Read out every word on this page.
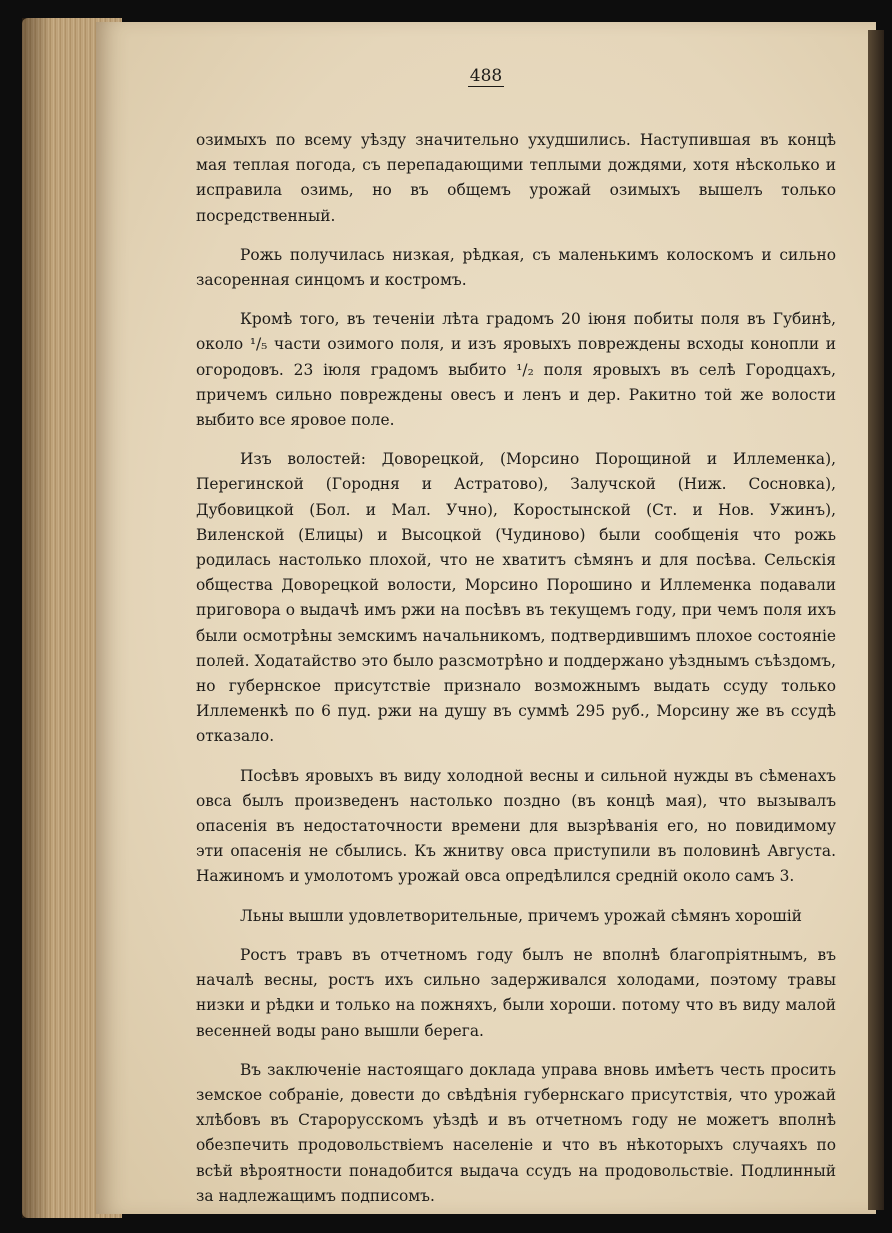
488

озимыхъ по всему уѣзду значительно ухудшились. Наступившая въ концѣ мая теплая погода, съ перепадающими теплыми дождями, хотя нѣсколько и исправила озимь, но въ общемъ урожай озимыхъ вышелъ только посредственный.

Рожь получилась низкая, рѣдкая, съ маленькимъ колоскомъ и сильно засоренная синцомъ и костромъ.

Кромѣ того, въ теченіи лѣта градомъ 20 іюня побиты поля въ Губинѣ, около ¹/₅ части озимого поля, и изъ яровыхъ повреждены всходы конопли и огородовъ. 23 іюля градомъ выбито ¹/₂ поля яровыхъ въ селѣ Городцахъ, причемъ сильно повреждены овесъ и ленъ и дер. Ракитно той же волости выбито все яровое поле.

Изъ волостей: Доворецкой, (Морсино Порощиной и Иллеменка), Перегинской (Городня и Астратово), Залучской (Ниж. Сосновка), Дубовицкой (Бол. и Мал. Учно), Коростынской (Ст. и Нов. Ужинъ), Виленской (Елицы) и Высоцкой (Чудиново) были сообщенія что рожь родилась настолько плохой, что не хватитъ сѣмянъ и для посѣва. Сельскія общества Доворецкой волости, Морсино Порошино и Иллеменка подавали приговора о выдачѣ имъ ржи на посѣвъ въ текущемъ году, при чемъ поля ихъ были осмотрѣны земскимъ начальникомъ, подтвердившимъ плохое состояніе полей. Ходатайство это было разсмотрѣно и поддержано уѣзднымъ съѣздомъ, но губернское присутствіе признало возможнымъ выдать ссуду только Иллеменкѣ по 6 пуд. ржи на душу въ суммѣ 295 руб., Морсину же въ ссудѣ отказало.

Посѣвъ яровыхъ въ виду холодной весны и сильной нужды въ сѣменахъ овса былъ произведенъ настолько поздно (въ концѣ мая), что вызывалъ опасенія въ недостаточности времени для вызрѣванія его, но повидимому эти опасенія не сбылись. Къ жнитву овса приступили въ половинѣ Августа. Нажиномъ и умолотомъ урожай овса опредѣлился средній около самъ 3.

Льны вышли удовлетворительные, причемъ урожай сѣмянъ хорошій

Ростъ травъ въ отчетномъ году былъ не вполнѣ благопріятнымъ, въ началѣ весны, ростъ ихъ сильно задерживался холодами, поэтому травы низки и рѣдки и только на пожняхъ, были хороши. потому что въ виду малой весенней воды рано вышли берега.

Въ заключеніе настоящаго доклада управа вновь имѣетъ честь просить земское собраніе, довести до свѣдѣнія губернскаго присутствія, что урожай хлѣбовъ въ Старорусскомъ уѣздѣ и въ отчетномъ году не можетъ вполнѣ обезпечить продовольствіемъ населеніе и что въ нѣкоторыхъ случаяхъ по всѣй вѣроятности понадобится выдача ссудъ на продовольствіе. Подлинный за надлежащимъ подписомъ.
